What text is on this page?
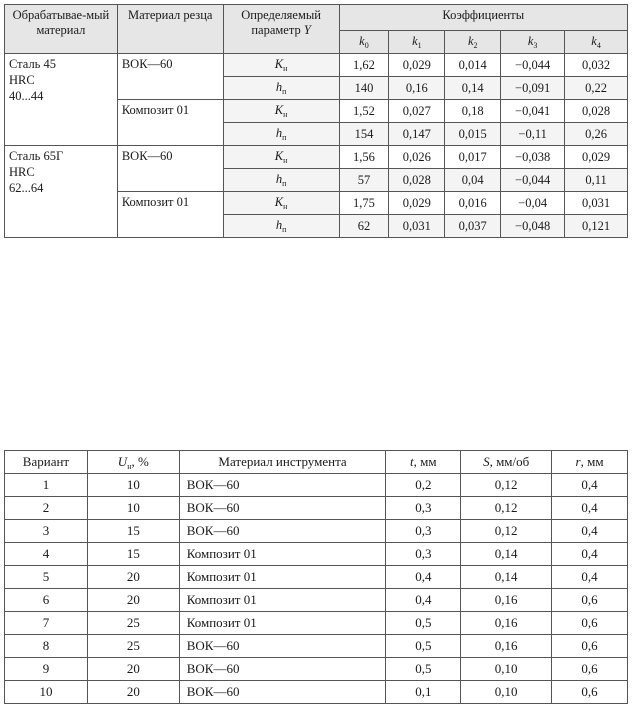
Обрабатывае-мый материал	Материал резца	Определяемый параметр Y	Коэффициенты				
			$k_0$	$k_1$	$k_2$	$k_3$	$k_4$

Сталь 45
HRC
40...44	ВОК—60	$K_н$	1,62	0,029	0,014	−0,044	0,032
		$h_п$	140	0,16	0,14	−0,091	0,22
	Композит 01	$K_н$	1,52	0,027	0,18	−0,041	0,028
		$h_п$	154	0,147	0,015	−0,11	0,26

Сталь 65Г
HRC
62...64	ВОК—60	$K_н$	1,56	0,026	0,017	−0,038	0,029
		$h_п$	57	0,028	0,04	−0,044	0,11
	Композит 01	$K_н$	1,75	0,029	0,016	−0,04	0,031
		$h_п$	62	0,031	0,037	−0,048	0,121
Вариант	$U_н$, %	Материал инструмента	t, мм	S, мм/об	r, мм
1	10	ВОК—60	0,2	0,12	0,4
2	10	ВОК—60	0,3	0,12	0,4
3	15	ВОК—60	0,3	0,12	0,4
4	15	Композит 01	0,3	0,14	0,4
5	20	Композит 01	0,4	0,14	0,4
6	20	Композит 01	0,4	0,16	0,6
7	25	Композит 01	0,5	0,16	0,6
8	25	ВОК—60	0,5	0,16	0,6
9	20	ВОК—60	0,5	0,10	0,6
10	20	ВОК—60	0,1	0,10	0,6
